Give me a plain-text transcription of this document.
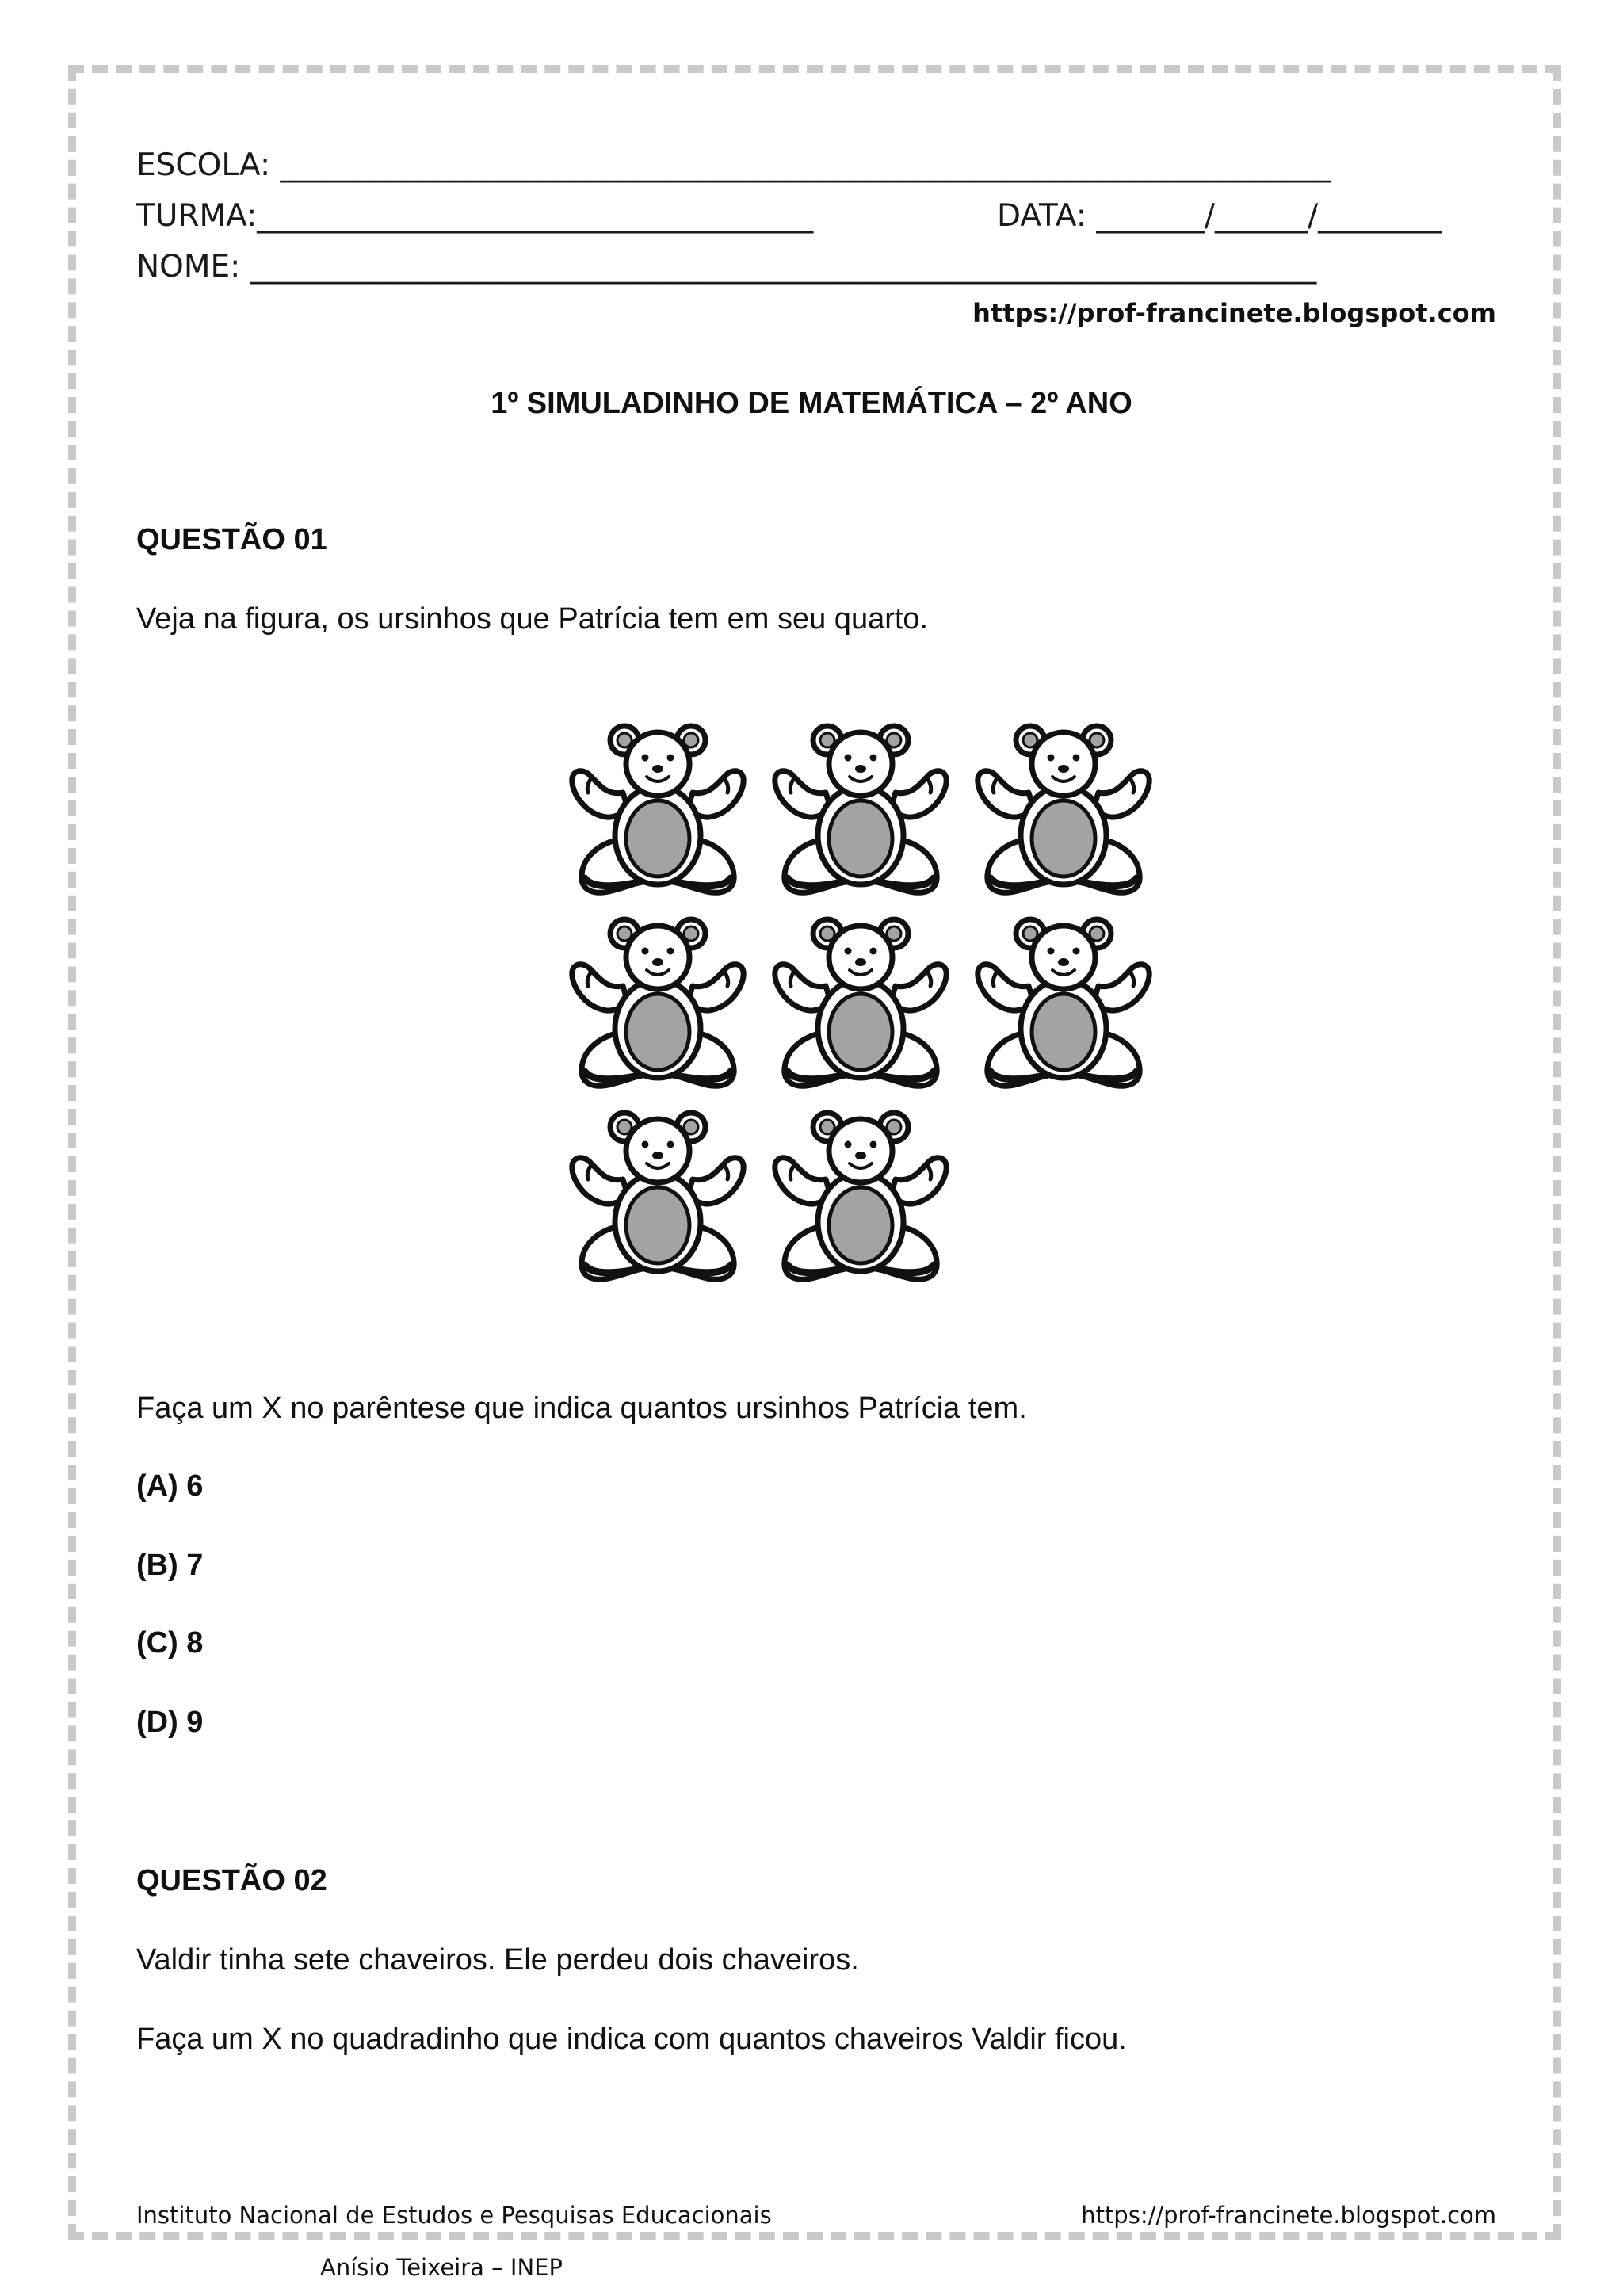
ESCOLA: ____________________________________________________________________
TURMA:____________________________________	DATA: _______/______/________
NOME: _____________________________________________________________________
https://prof-francinete.blogspot.com
1º SIMULADINHO DE MATEMÁTICA – 2º ANO
QUESTÃO 01
Veja na figura, os ursinhos que Patrícia tem em seu quarto.
Faça um X no parêntese que indica quantos ursinhos Patrícia tem.
(A) 6
(B) 7
(C) 8
(D) 9
QUESTÃO 02
Valdir tinha sete chaveiros. Ele perdeu dois chaveiros.
Faça um X no quadradinho que indica com quantos chaveiros Valdir ficou.
Instituto Nacional de Estudos e Pesquisas Educacionais
Anísio Teixeira – INEP
https://prof-francinete.blogspot.com
